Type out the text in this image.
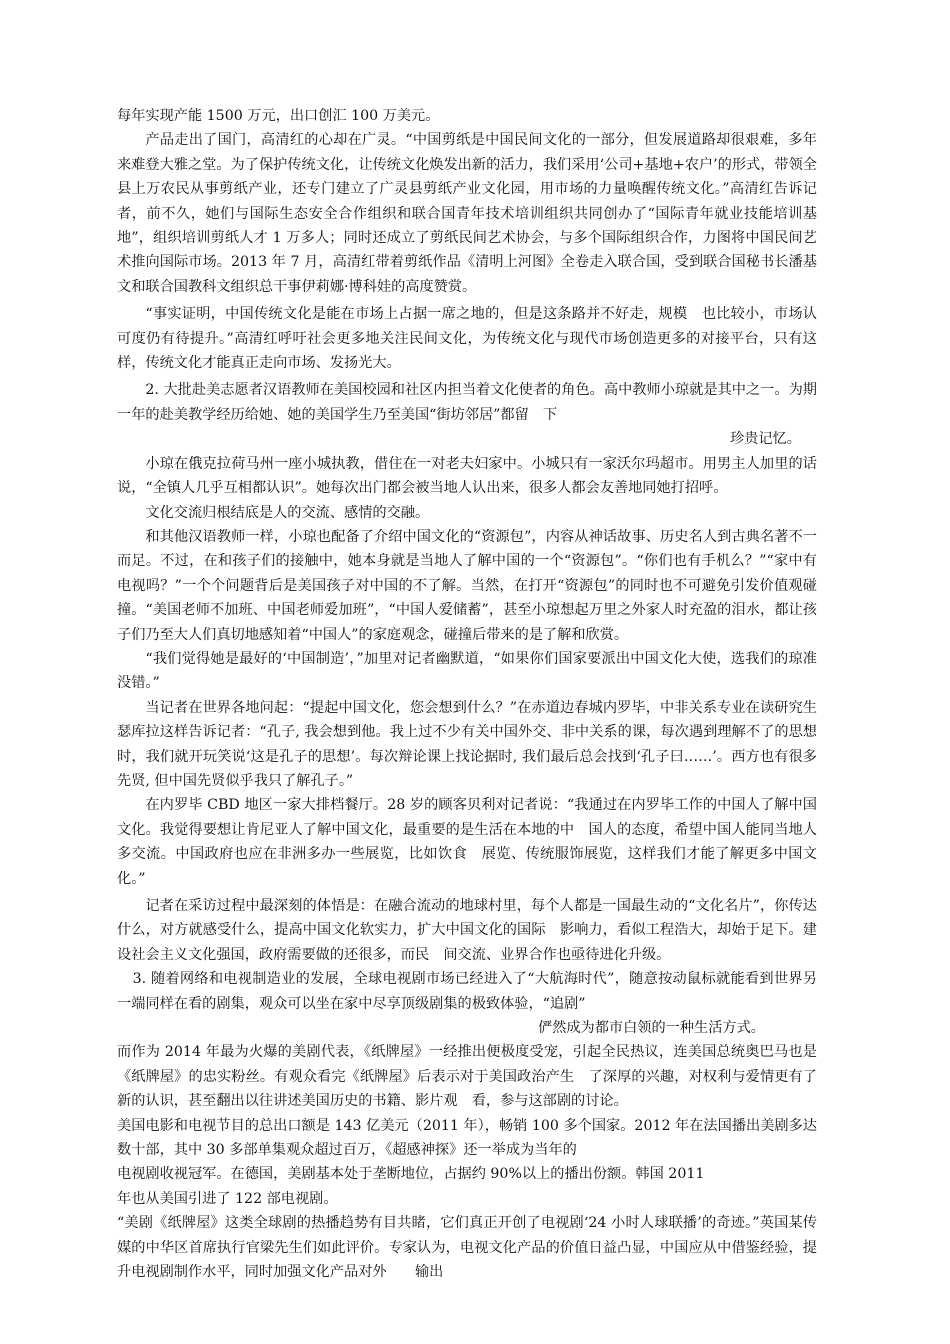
每年实现产能 1500 万元，出口创汇 100 万美元。

产品走出了国门，高清红的心却在广灵。“中国剪纸是中国民间文化的一部分，但发展道路却很艰难，多年来难登大雅之堂。为了保护传统文化，让传统文化焕发出新的活力，我们采用‘公司+基地+农户’的形式，带领全县上万农民从事剪纸产业，还专门建立了广灵县剪纸产业文化园，用市场的力量唤醒传统文化。”高清红告诉记者，前不久，她们与国际生态安全合作组织和联合国青年技术培训组织共同创办了“国际青年就业技能培训基地”，组织培训剪纸人才 1 万多人；同时还成立了剪纸民间艺术协会，与多个国际组织合作，力图将中国民间艺术推向国际市场。2013 年 7 月，高清红带着剪纸作品《清明上河图》全卷走入联合国，受到联合国秘书长潘基文和联合国教科文组织总干事伊莉娜·博科娃的高度赞赏。

“事实证明，中国传统文化是能在市场上占据一席之地的，但是这条路并不好走，规模　也比较小，市场认可度仍有待提升。”高清红呼吁社会更多地关注民间文化，为传统文化与现代市场创造更多的对接平台，只有这样，传统文化才能真正走向市场、发扬光大。

2. 大批赴美志愿者汉语教师在美国校园和社区内担当着文化使者的角色。高中教师小琼就是其中之一。为期一年的赴美教学经历给她、她的美国学生乃至美国“街坊邻居”都留　下

珍贵记忆。

小琼在俄克拉荷马州一座小城执教，借住在一对老夫妇家中。小城只有一家沃尔玛超市。用男主人加里的话说，“全镇人几乎互相都认识”。她每次出门都会被当地人认出来，很多人都会友善地同她打招呼。

文化交流归根结底是人的交流、感情的交融。

和其他汉语教师一样，小琼也配备了介绍中国文化的“资源包”，内容从神话故事、历史名人到古典名著不一而足。不过，在和孩子们的接触中，她本身就是当地人了解中国的一个“资源包”。“你们也有手机么？”“家中有电视吗？”一个个问题背后是美国孩子对中国的不了解。当然，在打开“资源包”的同时也不可避免引发价值观碰撞。“美国老师不加班、中国老师爱加班”，“中国人爱储蓄”，甚至小琼想起万里之外家人时充盈的泪水，都让孩子们乃至大人们真切地感知着“中国人”的家庭观念，碰撞后带来的是了解和欣赏。

“我们觉得她是最好的‘中国制造’，”加里对记者幽默道，“如果你们国家要派出中国文化大使，选我们的琼准没错。”

当记者在世界各地问起：“提起中国文化，您会想到什么？”在赤道边春城内罗毕，中非关系专业在读研究生瑟库拉这样告诉记者：“孔子, 我会想到他。我上过不少有关中国外交、非中关系的课，每次遇到理解不了的思想时，我们就开玩笑说‘这是孔子的思想’。每次辩论课上找论据时, 我们最后总会找到‘孔子曰……’。西方也有很多先贤, 但中国先贤似乎我只了解孔子。”

在内罗毕 CBD 地区一家大排档餐厅。28 岁的顾客贝利对记者说：“我通过在内罗毕工作的中国人了解中国文化。我觉得要想让肯尼亚人了解中国文化，最重要的是生活在本地的中　国人的态度，希望中国人能同当地人多交流。中国政府也应在非洲多办一些展览，比如饮食　展览、传统服饰展览，这样我们才能了解更多中国文化。”

记者在采访过程中最深刻的体悟是：在融合流动的地球村里，每个人都是一国最生动的“文化名片”，你传达什么，对方就感受什么，提高中国文化软实力，扩大中国文化的国际　影响力，看似工程浩大，却始于足下。建设社会主义文化强国，政府需要做的还很多，而民　间交流、业界合作也亟待进化升级。

3. 随着网络和电视制造业的发展，全球电视剧市场已经进入了“大航海时代”，随意按动鼠标就能看到世界另一端同样在看的剧集，观众可以坐在家中尽享顶级剧集的极致体验，“追剧”

俨然成为都市白领的一种生活方式。

而作为 2014 年最为火爆的美剧代表，《纸牌屋》一经推出便极度受宠，引起全民热议，连美国总统奥巴马也是《纸牌屋》的忠实粉丝。有观众看完《纸牌屋》后表示对于美国政治产生　了深厚的兴趣，对权利与爱情更有了新的认识，甚至翻出以往讲述美国历史的书籍、影片观　看，参与这部剧的讨论。

美国电影和电视节目的总出口额是 143 亿美元（2011 年），畅销 100 多个国家。2012 年在法国播出美剧多达数十部，其中 30 多部单集观众超过百万，《超感神探》还一举成为当年的

电视剧收视冠军。在德国，美剧基本处于垄断地位，占据约 90%以上的播出份额。韩国 2011

年也从美国引进了 122 部电视剧。

“美剧《纸牌屋》这类全球剧的热播趋势有目共睹，它们真正开创了电视剧‘24 小时人球联播’的奇迹。”英国某传媒的中华区首席执行官梁先生们如此评价。专家认为，电视文化产品的价值日益凸显，中国应从中借鉴经验，提升电视剧制作水平，同时加强文化产品对外　　输出
